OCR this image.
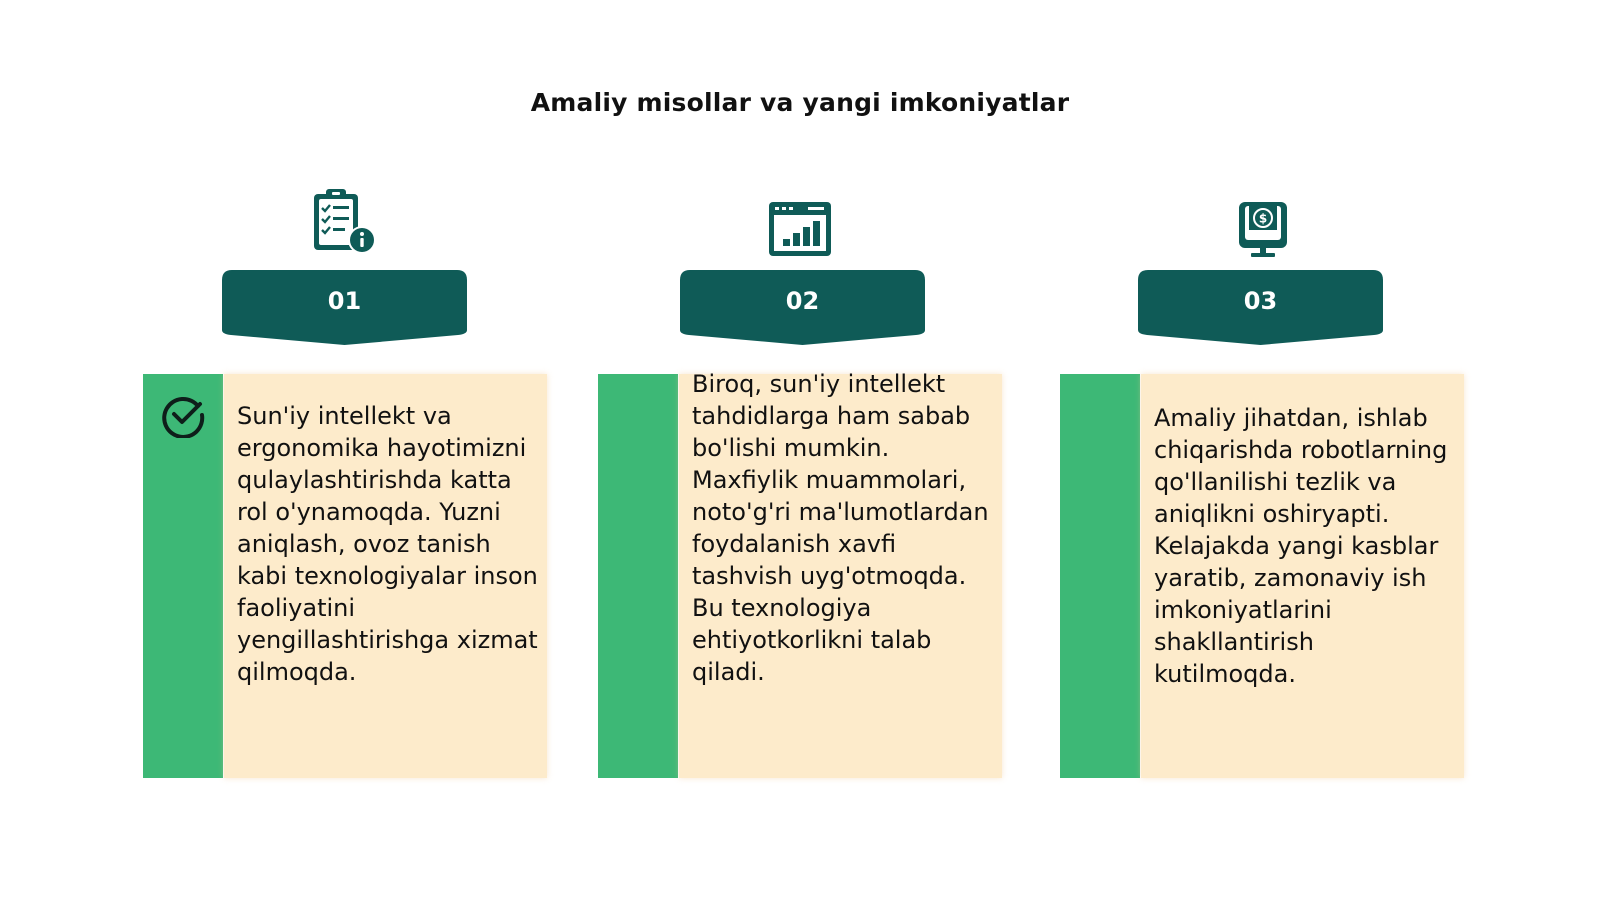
Amaliy misollar va yangi imkoniyatlar
01
Sun'iy intellekt va ergonomika hayotimizni qulaylashtirishda katta rol o'ynamoqda. Yuzni aniqlash, ovoz tanish kabi texnologiyalar inson faoliyatini yengillashtirishga xizmat qilmoqda.
02
Biroq, sun'iy intellekt tahdidlarga ham sabab bo'lishi mumkin. Maxfiylik muammolari, noto'g'ri ma'lumotlardan foydalanish xavfi tashvish uyg'otmoqda. Bu texnologiya ehtiyotkorlikni talab qiladi.
$
03
Amaliy jihatdan, ishlab chiqarishda robotlarning qo'llanilishi tezlik va aniqlikni oshiryapti. Kelajakda yangi kasblar yaratib, zamonaviy ish imkoniyatlarini shakllantirish kutilmoqda.
